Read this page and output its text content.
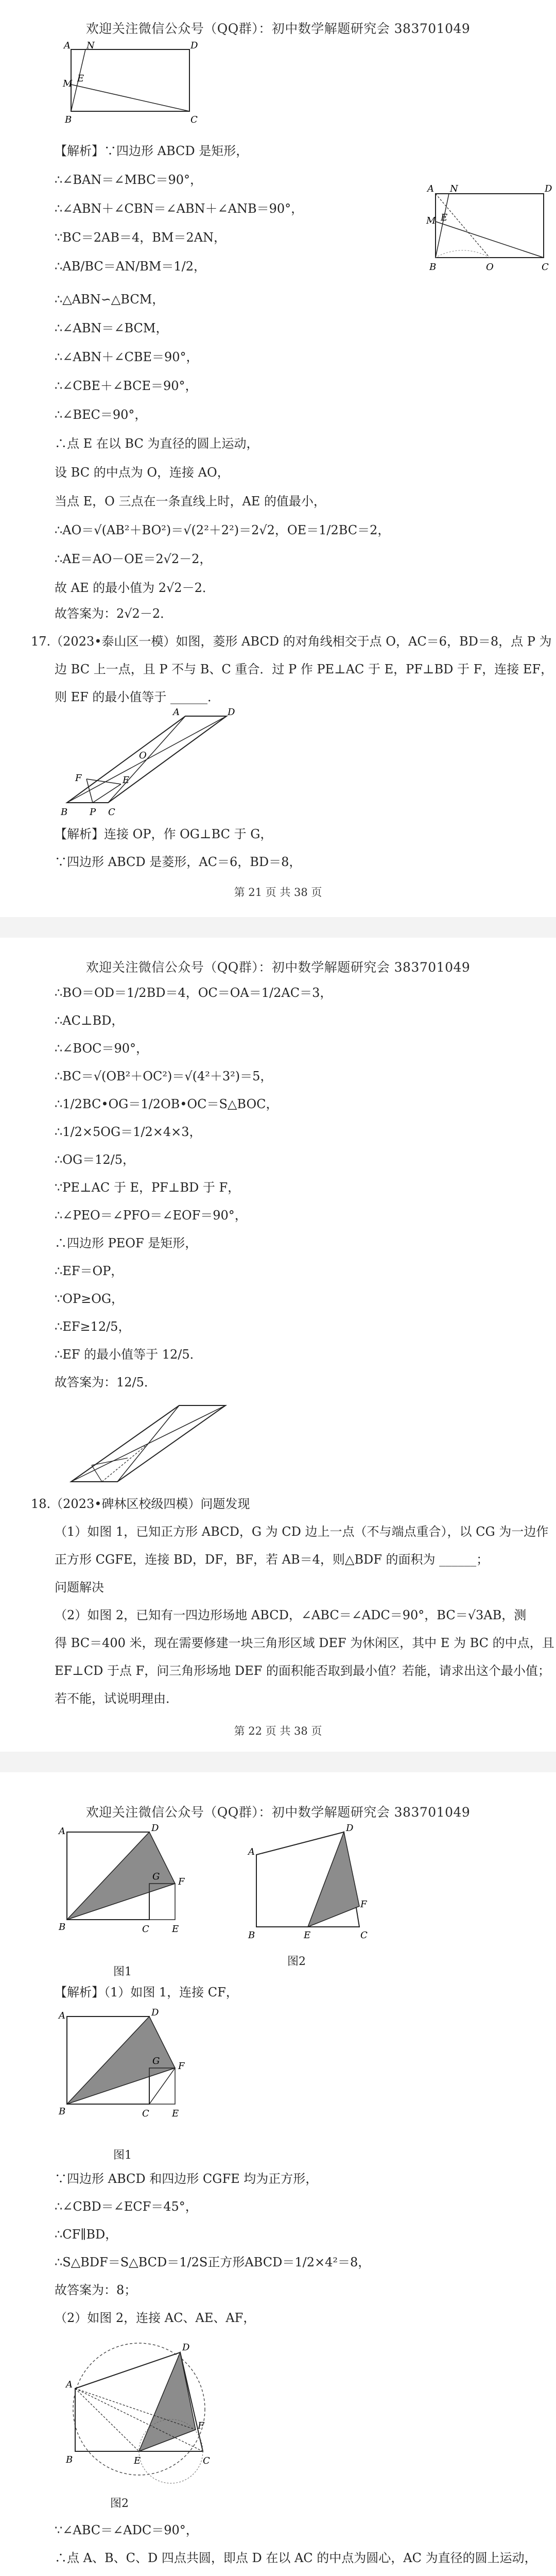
欢迎关注微信公众号（QQ群）：初中数学解题研究会 383701049
A	D
M
N
E
B	C
A	D
M
N
E
B	O	C
【解析】∵四边形 ABCD 是矩形，
∴∠BAN＝∠MBC＝90°，
∴∠ABN＋∠CBN＝∠ABN＋∠ANB＝90°，
∵BC＝2AB＝4，BM＝2AN，
∴AB/BC＝AN/BM＝1/2，
∴△ABN∽△BCM，
∴∠ABN＝∠BCM，
∴∠ABN＋∠CBE＝90°，
∴∠CBE＋∠BCE＝90°，
∴∠BEC＝90°，
∴点 E 在以 BC 为直径的圆上运动，
设 BC 的中点为 O，连接 AO，
当点 E，O 三点在一条直线上时，AE 的值最小，
∴AO＝√(AB²＋BO²)＝√(2²＋2²)＝2√2，OE＝1/2BC＝2，
∴AE＝AO－OE＝2√2－2，
故 AE 的最小值为 2√2－2．
故答案为：2√2－2．
17.（2023•泰山区一模）如图，菱形 ABCD 的对角线相交于点 O，AC＝6，BD＝8，点 P 为
边 BC 上一点，且 P 不与 B、C 重合．过 P 作 PE⊥AC 于 E，PF⊥BD 于 F，连接 EF，
则 EF 的最小值等于 ______．
A	D
O
F	E
B P C
【解析】连接 OP，作 OG⊥BC 于 G，
∵四边形 ABCD 是菱形，AC＝6，BD＝8，
第 21 页 共 38 页
欢迎关注微信公众号（QQ群）：初中数学解题研究会 383701049
∴BO＝OD＝1/2BD＝4，OC＝OA＝1/2AC＝3，
∴AC⊥BD，
∴∠BOC＝90°，
∴BC＝√(OB²＋OC²)＝√(4²＋3²)＝5，
∴1/2BC•OG＝1/2OB•OC＝S△BOC，
∴1/2×5OG＝1/2×4×3，
∴OG＝12/5，
∵PE⊥AC 于 E，PF⊥BD 于 F，
∴∠PEO＝∠PFO＝∠EOF＝90°，
∴四边形 PEOF 是矩形，
∴EF＝OP，
∵OP≥OG，
∴EF≥12/5，
∴EF 的最小值等于 12/5．
故答案为：12/5．
18.（2023•碑林区校级四模）问题发现
（1）如图 1，已知正方形 ABCD，G 为 CD 边上一点（不与端点重合），以 CG 为一边作
正方形 CGFE，连接 BD，DF，BF，若 AB＝4，则△BDF 的面积为 ______；
问题解决
（2）如图 2，已知有一四边形场地 ABCD，∠ABC＝∠ADC＝90°，BC＝√3AB，测
得 BC＝400 米，现在需要修建一块三角形区域 DEF 为休闲区，其中 E 为 BC 的中点，且
EF⊥CD 于点 F，问三角形场地 DEF 的面积能否取到最小值？若能，请求出这个最小值；
若不能，试说明理由．
第 22 页 共 38 页
欢迎关注微信公众号（QQ群）：初中数学解题研究会 383701049
A	D
B	C
G F
E
图1
A
D
B	E
F
C
图2
【解析】（1）如图 1，连接 CF，
A	D
B	C
G F
E
图1
∵四边形 ABCD 和四边形 CGFE 均为正方形，
∴∠CBD＝∠ECF＝45°，
∴CF∥BD，
∴S△BDF＝S△BCD＝1/2S正方形ABCD＝1/2×4²＝8，
故答案为：8；
（2）如图 2，连接 AC、AE、AF，
A
D
B	E
F
C
图2
∵∠ABC＝∠ADC＝90°，
∴点 A、B、C、D 四点共圆，即点 D 在以 AC 的中点为圆心，AC 为直径的圆上运动，
